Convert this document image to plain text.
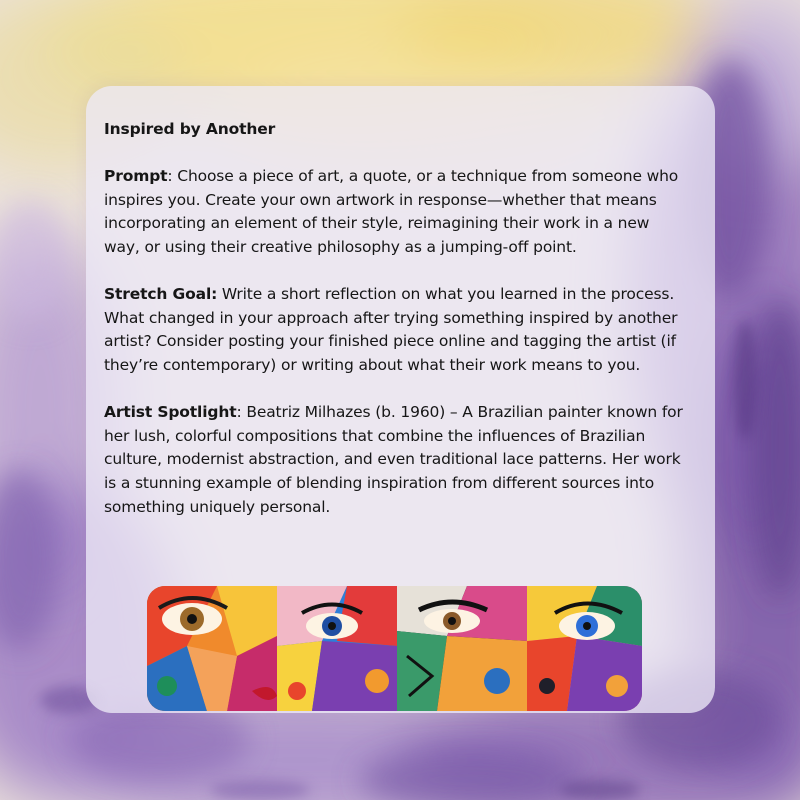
Inspired by Another

Prompt: Choose a piece of art, a quote, or a technique from someone who inspires you. Create your own artwork in response—whether that means incorporating an element of their style, reimagining their work in a new way, or using their creative philosophy as a jumping-off point.

Stretch Goal: Write a short reflection on what you learned in the process. What changed in your approach after trying something inspired by another artist? Consider posting your finished piece online and tagging the artist (if they’re contemporary) or writing about what their work means to you.

Artist Spotlight: Beatriz Milhazes (b. 1960) – A Brazilian painter known for her lush, colorful compositions that combine the influences of Brazilian culture, modernist abstraction, and even traditional lace patterns. Her work is a stunning example of blending inspiration from different sources into something uniquely personal.
